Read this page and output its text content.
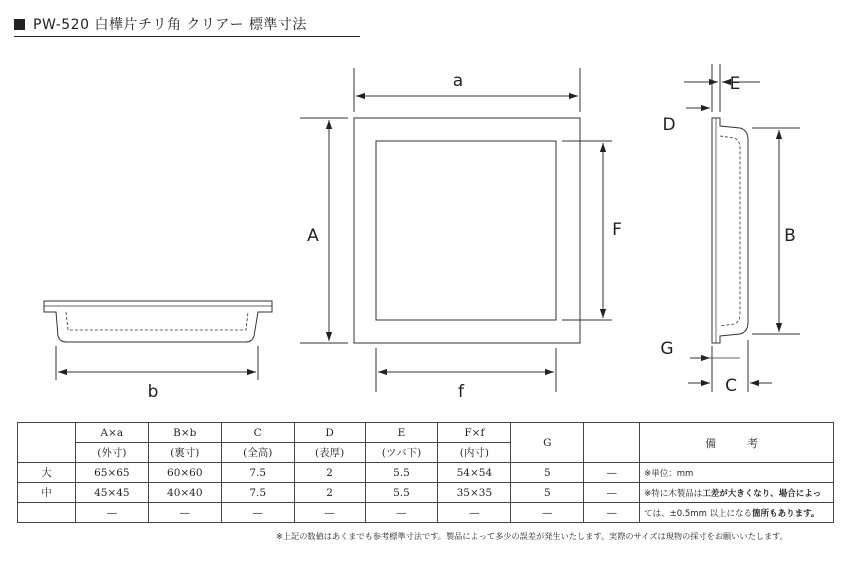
PW-520 白樺片チリ角 クリアー 標準寸法
a
A	F
f
b
B
E
D
G
C
	A×a	B×b	C	D	E	F×f	G		備　考
	(外寸)	(裏寸)	(全高)	(表厚)	(ツバ下)	(内寸)			
大	65×65	60×60	7.5	2	5.5	54×54	5	—	※単位：mm
中	45×45	40×40	7.5	2	5.5	35×35	5	—	※特に木製品は工差が大きくなり、場合によっ
	—	—	—	—	—	—	—	—	ては、±0.5mm 以上になる箇所もあります。
※上記の数値はあくまでも参考標準寸法です。製品によって多少の誤差が発生いたします。実際のサイズは現物の採寸をお願いいたします。
